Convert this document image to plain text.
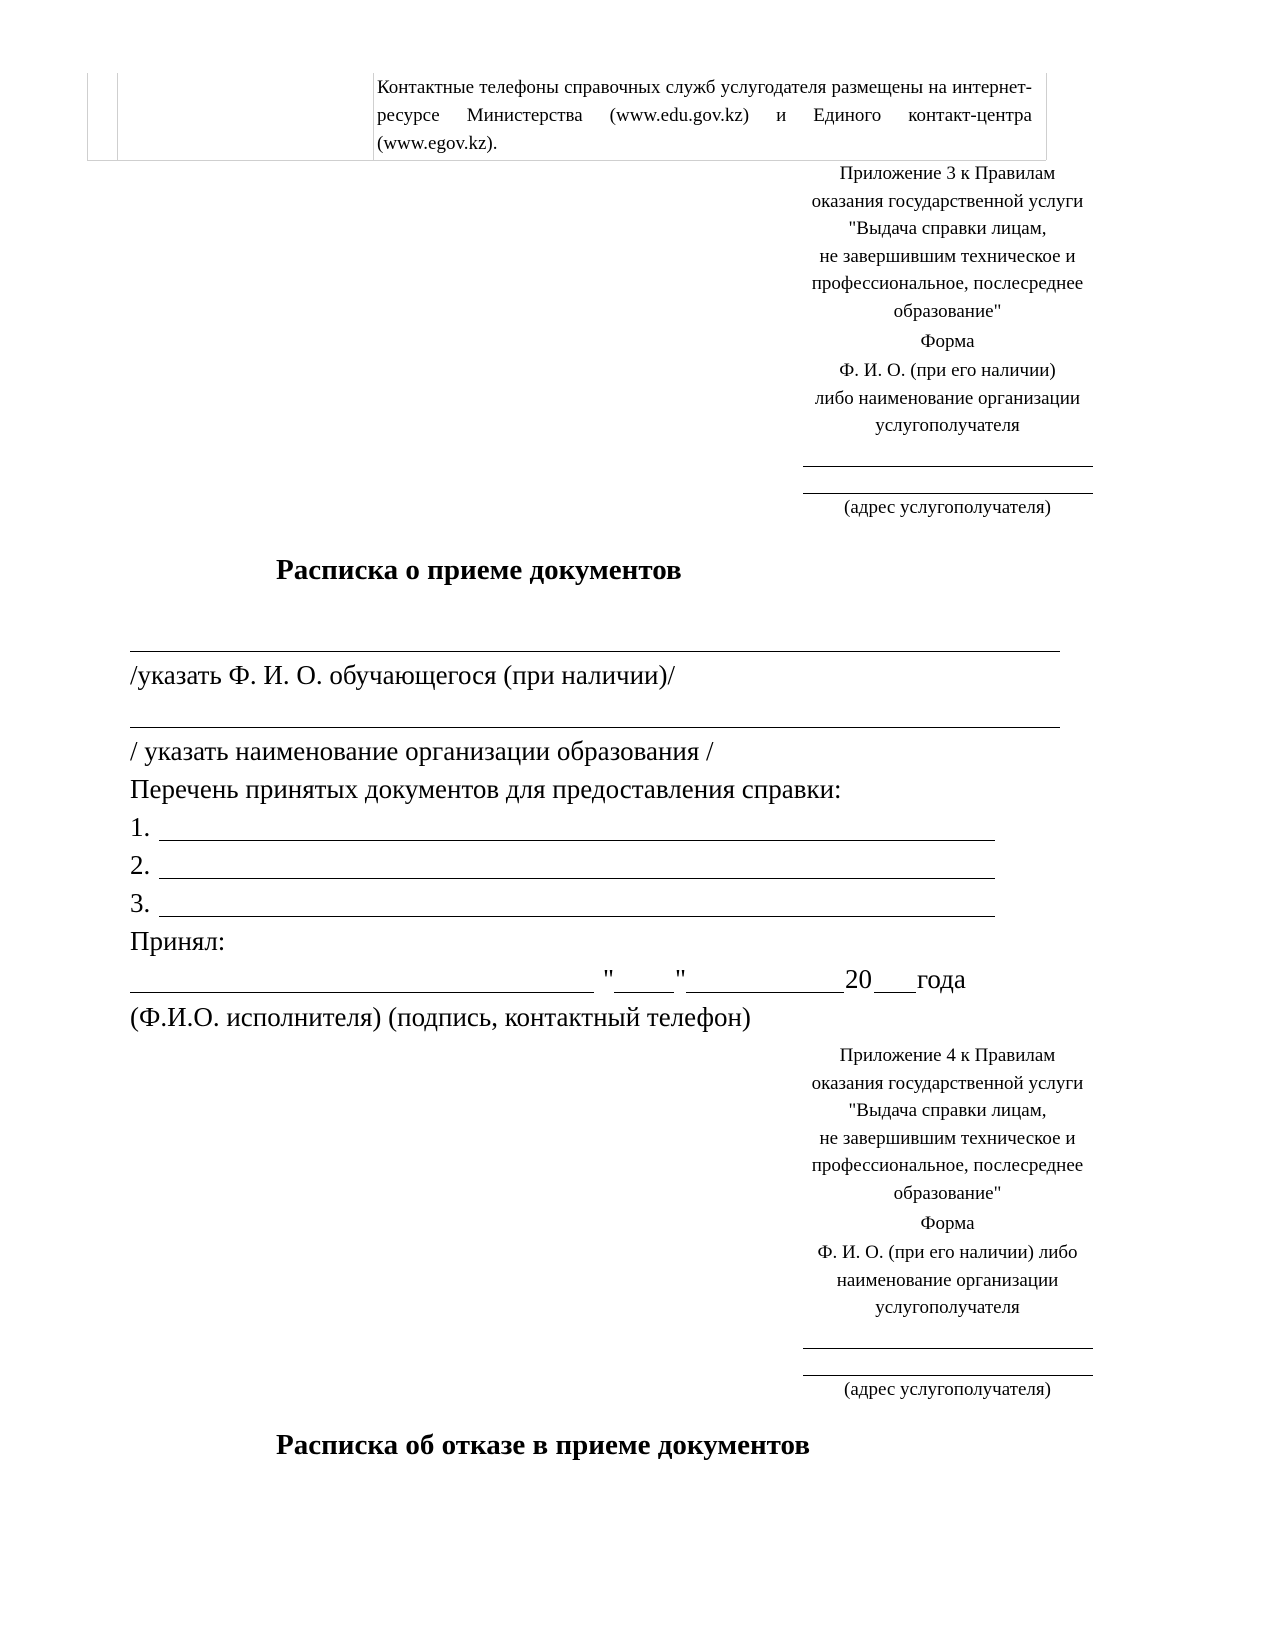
Контактные телефоны справочных служб услугодателя размещены на интернет-ресурсе Министерства (www.edu.gov.kz) и Единого контакт-центра (www.egov.kz).
Приложение 3 к Правилам
оказания государственной услуги
"Выдача справки лицам,
не завершившим техническое и
профессиональное, послесреднее
образование"
Форма
Ф. И. О. (при его наличии)
либо наименование организации
услугополучателя
(адрес услугополучателя)
Расписка о приеме документов
/указать Ф. И. О. обучающегося (при наличии)/
/ указать наименование организации образования /
Перечень принятых документов для предоставления справки:
1.
2.
3.
Принял:
" "	20 года
(Ф.И.О. исполнителя) (подпись, контактный телефон)
Приложение 4 к Правилам
оказания государственной услуги
"Выдача справки лицам,
не завершившим техническое и
профессиональное, послесреднее
образование"
Форма
Ф. И. О. (при его наличии) либо
наименование организации
услугополучателя
(адрес услугополучателя)
Расписка об отказе в приеме документов
